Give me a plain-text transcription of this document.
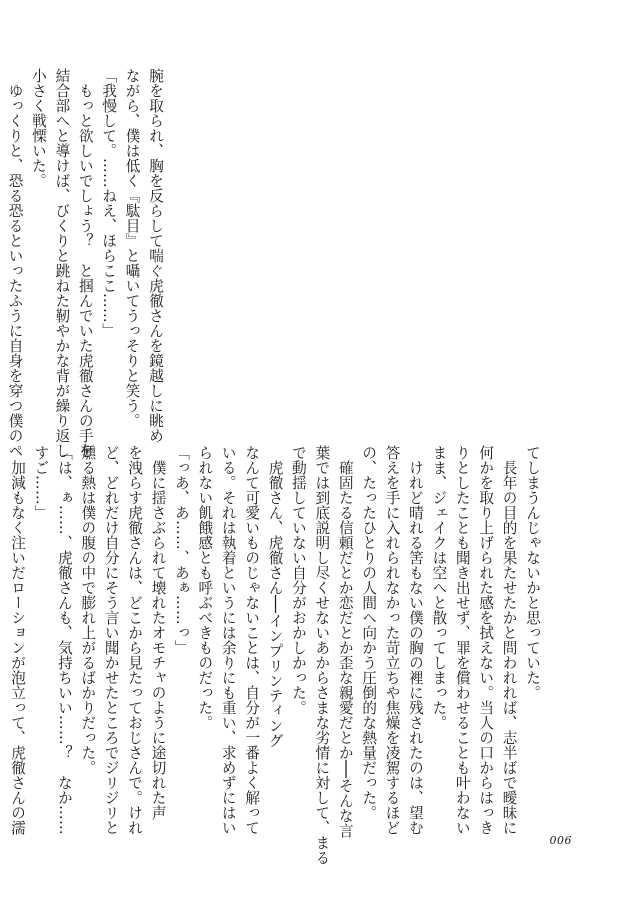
腕を取られ、胸を反らして喘ぐ虎徹さんを鏡越しに眺め
ながら、僕は低く『駄目』と囁いてうっそりと笑う。
「我慢して。……ねえ、ほらここ……」
　もっと欲しいでしょう？　と掴んでいた虎徹さんの手を
結合部へと導けば、びくりと跳ねた靭やかな背が繰り返し
小さく戦慄いた。
　ゆっくりと、恐る恐るといったふうに自身を穿つ僕のペ
てしまうんじゃないかと思っていた。
　長年の目的を果たせたかと問われれば、志半ばで曖昧に
何かを取り上げられた感を拭えない。当人の口からはっき
りとしたことも聞き出せず、罪を償わせることも叶わない
まま、ジェイクは空へと散ってしまった。
　けれど晴れる筈もない僕の胸の裡に残されたのは、望む
答えを手に入れられなかった苛立ちや焦燥を凌駕するほど
の、たったひとりの人間へ向かう圧倒的な熱量だった。
　確固たる信頼だとか恋だとか歪な親愛だとか──そんな言
葉では到底説明し尽くせないあからさまな劣情に対して、まる
で動揺していない自分がおかしかった。
　虎徹さん、虎徹さん──インプリンティング
なんて可愛いものじゃないことは、自分が一番よく解って
いる。それは執着というには余りにも重い、求めずにはい
られない飢餓感とも呼ぶべきものだった。
「っあ、あ……、あぁ……っ」
　僕に揺さぶられて壊れたオモチャのように途切れた声
を洩らす虎徹さんは、どこから見たっておじさんで。けれ
ど、どれだけ自分にそう言い聞かせたところでジリジリと
燻る熱は僕の腹の中で膨れ上がるばかりだった。
「は、ぁ……、虎徹さんも、気持ちいい……？　なか……
すご……」
　加減もなく注いだローションが泡立って、虎徹さんの濡
006
